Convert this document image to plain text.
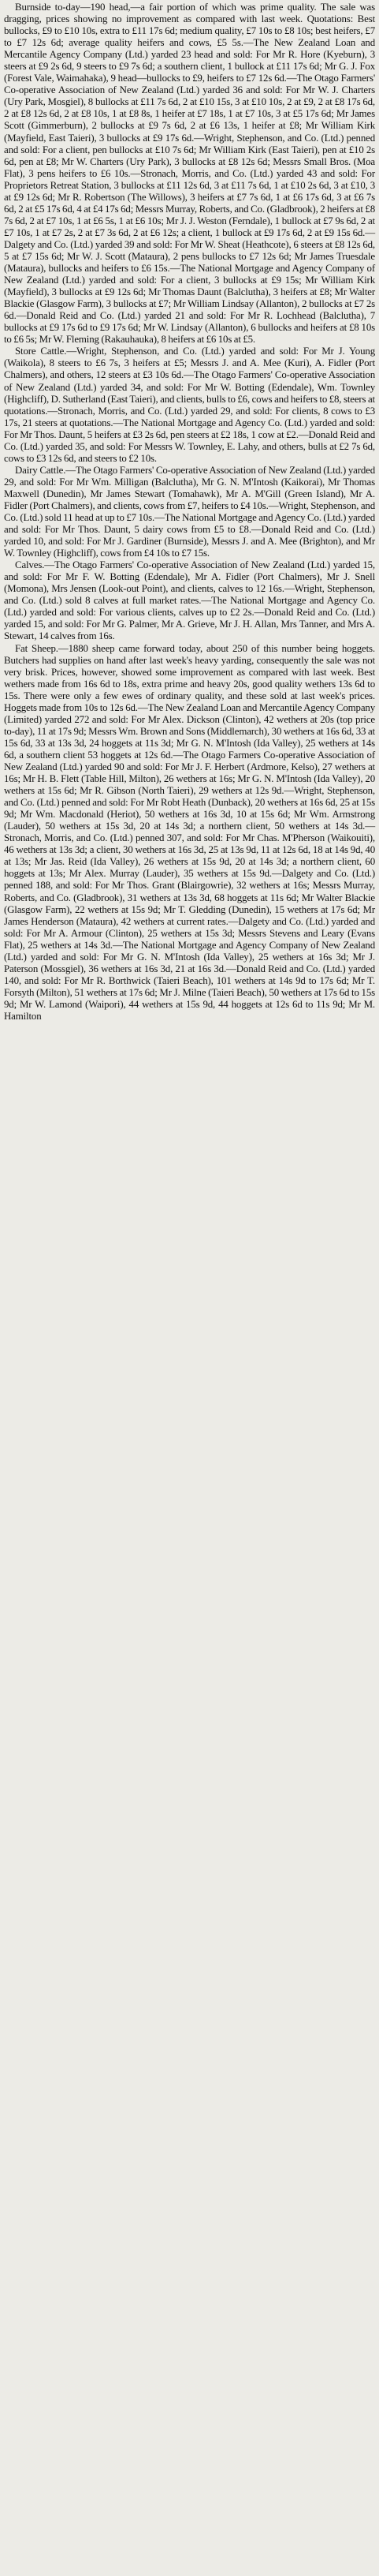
Burnside to-day—190 head,—a fair portion of which was prime quality. The sale was dragging, prices showing no improvement as compared with last week. Quotations: Best bullocks, £9 to £10 10s, extra to £11 17s 6d; medium quality, £7 10s to £8 10s; best heifers, £7 to £7 12s 6d; average quality heifers and cows, £5 5s.—The New Zealand Loan and Mercantile Agency Company (Ltd.) yarded 23 head and sold: For Mr R. Hore (Kyeburn), 3 steers at £9 2s 6d, 9 steers to £9 7s 6d; a southern client, 1 bullock at £11 17s 6d; Mr G. J. Fox (Forest Vale, Waimahaka), 9 head—bullocks to £9, heifers to £7 12s 6d.—The Otago Farmers' Co-operative Association of New Zealand (Ltd.) yarded 36 and sold: For Mr W. J. Charters (Ury Park, Mosgiel), 8 bullocks at £11 7s 6d, 2 at £10 15s, 3 at £10 10s, 2 at £9, 2 at £8 17s 6d, 2 at £8 12s 6d, 2 at £8 10s, 1 at £8 8s, 1 heifer at £7 18s, 1 at £7 10s, 3 at £5 17s 6d; Mr James Scott (Gimmerburn), 2 bullocks at £9 7s 6d, 2 at £6 13s, 1 heifer at £8; Mr William Kirk (Mayfield, East Taieri), 3 bullocks at £9 17s 6d.—Wright, Stephenson, and Co. (Ltd.) penned and sold: For a client, pen bullocks at £10 7s 6d; Mr William Kirk (East Taieri), pen at £10 2s 6d, pen at £8; Mr W. Charters (Ury Park), 3 bullocks at £8 12s 6d; Messrs Small Bros. (Moa Flat), 3 pens heifers to £6 10s.—Stronach, Morris, and Co. (Ltd.) yarded 43 and sold: For Proprietors Retreat Station, 3 bullocks at £11 12s 6d, 3 at £11 7s 6d, 1 at £10 2s 6d, 3 at £10, 3 at £9 12s 6d; Mr R. Robertson (The Willows), 3 heifers at £7 7s 6d, 1 at £6 17s 6d, 3 at £6 7s 6d, 2 at £5 17s 6d, 4 at £4 17s 6d; Messrs Murray, Roberts, and Co. (Gladbrook), 2 heifers at £8 7s 6d, 2 at £7 10s, 1 at £6 5s, 1 at £6 10s; Mr J. J. Weston (Ferndale), 1 bullock at £7 9s 6d, 2 at £7 10s, 1 at £7 2s, 2 at £7 3s 6d, 2 at £6 12s; a client, 1 bullock at £9 17s 6d, 2 at £9 15s 6d.—Dalgety and Co. (Ltd.) yarded 39 and sold: For Mr W. Sheat (Heathcote), 6 steers at £8 12s 6d, 5 at £7 15s 6d; Mr W. J. Scott (Mataura), 2 pens bullocks to £7 12s 6d; Mr James Truesdale (Mataura), bullocks and heifers to £6 15s.—The National Mortgage and Agency Company of New Zealand (Ltd.) yarded and sold: For a client, 3 bullocks at £9 15s; Mr William Kirk (Mayfield), 3 bullocks at £9 12s 6d; Mr Thomas Daunt (Balclutha), 3 heifers at £8; Mr Walter Blackie (Glasgow Farm), 3 bullocks at £7; Mr William Lindsay (Allanton), 2 bullocks at £7 2s 6d.—Donald Reid and Co. (Ltd.) yarded 21 and sold: For Mr R. Lochhead (Balclutha), 7 bullocks at £9 17s 6d to £9 17s 6d; Mr W. Lindsay (Allanton), 6 bullocks and heifers at £8 10s to £6 5s; Mr W. Fleming (Rakauhauka), 8 heifers at £6 10s at £5.

Store Cattle.—Wright, Stephenson, and Co. (Ltd.) yarded and sold: For Mr J. Young (Waikola), 8 steers to £6 7s, 3 heifers at £5; Messrs J. and A. Mee (Kuri), A. Fidler (Port Chalmers), and others, 12 steers at £3 10s 6d.—The Otago Farmers' Co-operative Association of New Zealand (Ltd.) yarded 34, and sold: For Mr W. Botting (Edendale), Wm. Townley (Highcliff), D. Sutherland (East Taieri), and clients, bulls to £6, cows and heifers to £8, steers at quotations.—Stronach, Morris, and Co. (Ltd.) yarded 29, and sold: For clients, 8 cows to £3 17s, 21 steers at quotations.—The National Mortgage and Agency Co. (Ltd.) yarded and sold: For Mr Thos. Daunt, 5 heifers at £3 2s 6d, pen steers at £2 18s, 1 cow at £2.—Donald Reid and Co. (Ltd.) yarded 35, and sold: For Messrs W. Townley, E. Lahy, and others, bulls at £2 7s 6d, cows to £3 12s 6d, and steers to £2 10s.

Dairy Cattle.—The Otago Farmers' Co-operative Association of New Zealand (Ltd.) yarded 29, and sold: For Mr Wm. Milligan (Balclutha), Mr G. N. M'Intosh (Kaikorai), Mr Thomas Maxwell (Dunedin), Mr James Stewart (Tomahawk), Mr A. M'Gill (Green Island), Mr A. Fidler (Port Chalmers), and clients, cows from £7, heifers to £4 10s.—Wright, Stephenson, and Co. (Ltd.) sold 11 head at up to £7 10s.—The National Mortgage and Agency Co. (Ltd.) yarded and sold: For Mr Thos. Daunt, 5 dairy cows from £5 to £8.—Donald Reid and Co. (Ltd.) yarded 10, and sold: For Mr J. Gardiner (Burnside), Messrs J. and A. Mee (Brighton), and Mr W. Townley (Highcliff), cows from £4 10s to £7 15s.

Calves.—The Otago Farmers' Co-operative Association of New Zealand (Ltd.) yarded 15, and sold: For Mr F. W. Botting (Edendale), Mr A. Fidler (Port Chalmers), Mr J. Snell (Momona), Mrs Jensen (Look-out Point), and clients, calves to 12 16s.—Wright, Stephenson, and Co. (Ltd.) sold 8 calves at full market rates.—The National Mortgage and Agency Co. (Ltd.) yarded and sold: For various clients, calves up to £2 2s.—Donald Reid and Co. (Ltd.) yarded 15, and sold: For Mr G. Palmer, Mr A. Grieve, Mr J. H. Allan, Mrs Tanner, and Mrs A. Stewart, 14 calves from 16s.

Fat Sheep.—1880 sheep came forward today, about 250 of this number being hoggets. Butchers had supplies on hand after last week's heavy yarding, consequently the sale was not very brisk. Prices, however, showed some improvement as compared with last week. Best wethers made from 16s 6d to 18s, extra prime and heavy 20s, good quality wethers 13s 6d to 15s. There were only a few ewes of ordinary quality, and these sold at last week's prices. Hoggets made from 10s to 12s 6d.—The New Zealand Loan and Mercantile Agency Company (Limited) yarded 272 and sold: For Mr Alex. Dickson (Clinton), 42 wethers at 20s (top price to-day), 11 at 17s 9d; Messrs Wm. Brown and Sons (Middlemarch), 30 wethers at 16s 6d, 33 at 15s 6d, 33 at 13s 3d, 24 hoggets at 11s 3d; Mr G. N. M'Intosh (Ida Valley), 25 wethers at 14s 6d, a southern client 53 hoggets at 12s 6d.—The Otago Farmers Co-operative Association of New Zealand (Ltd.) yarded 90 and sold: For Mr J. F. Herbert (Ardmore, Kelso), 27 wethers at 16s; Mr H. B. Flett (Table Hill, Milton), 26 wethers at 16s; Mr G. N. M'Intosh (Ida Valley), 20 wethers at 15s 6d; Mr R. Gibson (North Taieri), 29 wethers at 12s 9d.—Wright, Stephenson, and Co. (Ltd.) penned and sold: For Mr Robt Heath (Dunback), 20 wethers at 16s 6d, 25 at 15s 9d; Mr Wm. Macdonald (Heriot), 50 wethers at 16s 3d, 10 at 15s 6d; Mr Wm. Armstrong (Lauder), 50 wethers at 15s 3d, 20 at 14s 3d; a northern client, 50 wethers at 14s 3d.—Stronach, Morris, and Co. (Ltd.) penned 307, and sold: For Mr Chas. M'Pherson (Waikouiti), 46 wethers at 13s 3d; a client, 30 wethers at 16s 3d, 25 at 13s 9d, 11 at 12s 6d, 18 at 14s 9d, 40 at 13s; Mr Jas. Reid (Ida Valley), 26 wethers at 15s 9d, 20 at 14s 3d; a northern client, 60 hoggets at 13s; Mr Alex. Murray (Lauder), 35 wethers at 15s 9d.—Dalgety and Co. (Ltd.) penned 188, and sold: For Mr Thos. Grant (Blairgowrie), 32 wethers at 16s; Messrs Murray, Roberts, and Co. (Gladbrook), 31 wethers at 13s 3d, 68 hoggets at 11s 6d; Mr Walter Blackie (Glasgow Farm), 22 wethers at 15s 9d; Mr T. Gledding (Dunedin), 15 wethers at 17s 6d; Mr James Henderson (Mataura), 42 wethers at current rates.—Dalgety and Co. (Ltd.) yarded and sold: For Mr A. Armour (Clinton), 25 wethers at 15s 3d; Messrs Stevens and Leary (Evans Flat), 25 wethers at 14s 3d.—The National Mortgage and Agency Company of New Zealand (Ltd.) yarded and sold: For Mr G. N. M'Intosh (Ida Valley), 25 wethers at 16s 3d; Mr J. Paterson (Mossgiel), 36 wethers at 16s 3d, 21 at 16s 3d.—Donald Reid and Co. (Ltd.) yarded 140, and sold: For Mr R. Borthwick (Taieri Beach), 101 wethers at 14s 9d to 17s 6d; Mr T. Forsyth (Milton), 51 wethers at 17s 6d; Mr J. Milne (Taieri Beach), 50 wethers at 17s 6d to 15s 9d; Mr W. Lamond (Waipori), 44 wethers at 15s 9d, 44 hoggets at 12s 6d to 11s 9d; Mr M. Hamilton
